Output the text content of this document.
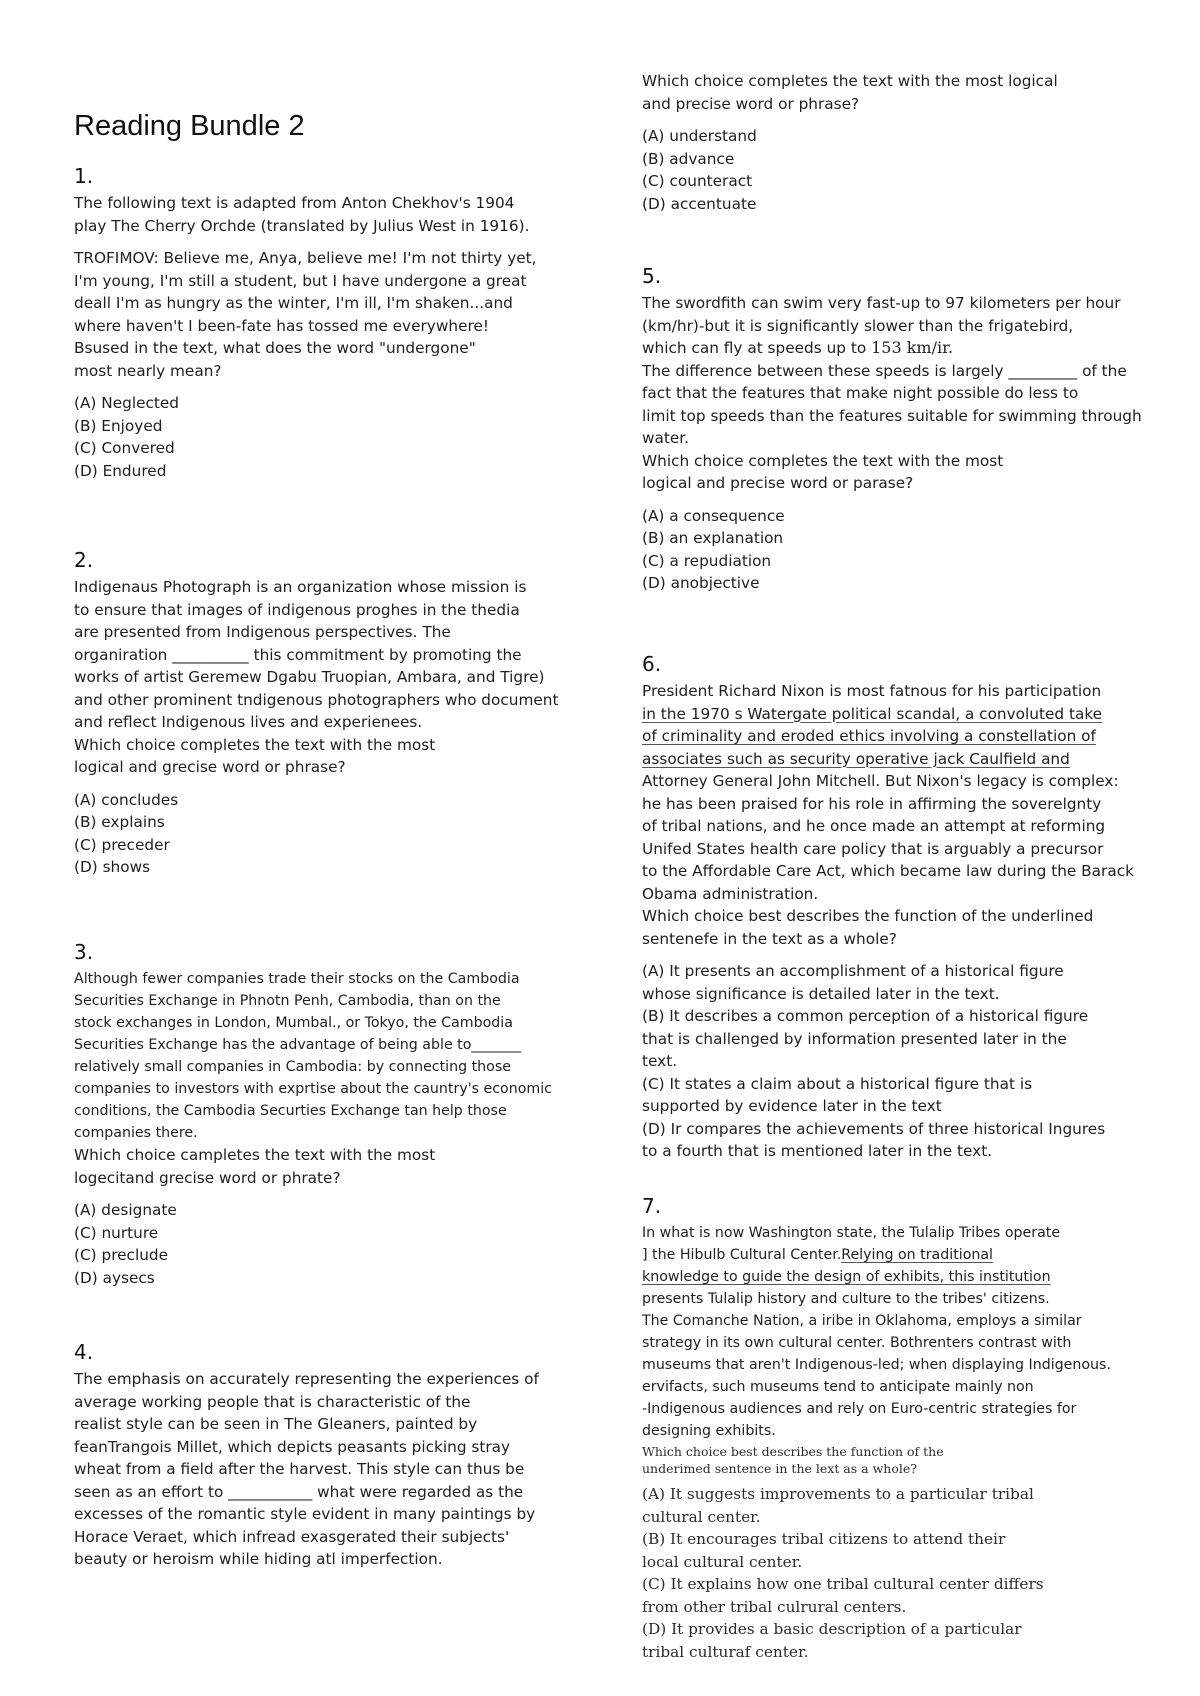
Reading Bundle 2
1.

The following text is adapted from Anton Chekhov's 1904
play The Cherry Orchde (translated by Julius West in 1916).

TROFIMOV: Believe me, Anya, believe me! I'm not thirty yet,
I'm young, I'm still a student, but I have undergone a great
deall I'm as hungry as the winter, I'm ill, I'm shaken...and
where haven't I been-fate has tossed me everywhere!

Bsused in the text, what does the word "undergone"
most nearly mean?

(A) Neglected
(B) Enjoyed
(C) Convered
(D) Endured
2.

Indigenaus Photograph is an organization whose mission is
to ensure that images of indigenous proghes in the thedia
are presented from Indigenous perspectives. The
organiration __________ this commitment by promoting the
works of artist Geremew Dgabu Truopian, Ambara, and Tigre)
and other prominent tndigenous photographers who document
and reflect Indigenous lives and experienees.

Which choice completes the text with the most
logical and grecise word or phrase?

(A) concludes
(B) explains
(C) preceder
(D) shows
3.

Although fewer companies trade their stocks on the Cambodia
Securities Exchange in Phnotn Penh, Cambodia, than on the
stock exchanges in London, Mumbal., or Tokyo, the Cambodia
Securities Exchange has the advantage of being able to_______
relatively small companies in Cambodia: by connecting those
companies to investors with exprtise about the cauntry's economic
conditions, the Cambodia Securties Exchange tan help those
companies there.

Which choice campletes the text with the most
logecitand grecise word or phrate?

(A) designate
(C) nurture
(C) preclude
(D) aysecs
4.

The emphasis on accurately representing the experiences of
average working people that is characteristic of the
realist style can be seen in The Gleaners, painted by
feanTrangois Millet, which depicts peasants picking stray
wheat from a field after the harvest. This style can thus be
seen as an effort to ___________ what were regarded as the
excesses of the romantic style evident in many paintings by
Horace Veraet, which infread exasgerated their subjects'
beauty or heroism while hiding atl imperfection.

Which choice completes the text with the most logical
and precise word or phrase?

(A) understand
(B) advance
(C) counteract
(D) accentuate
5.

The swordfith can swim very fast-up to 97 kilometers per hour
(km/hr)-but it is significantly slower than the frigatebird,
which can fly at speeds up to 153 km/ir.
The difference between these speeds is largely _________ of the
fact that the features that make night possible do less to
limit top speeds than the features suitable for swimming through
water.

Which choice completes the text with the most
logical and precise word or parase?

(A) a consequence
(B) an explanation
(C) a repudiation
(D) anobjective
6.

President Richard Nixon is most fatnous for his participation
in the 1970 s Watergate political scandal, a convoluted take
of criminality and eroded ethics involving a constellation of
associates such as security operative jack Caulfield and
Attorney General John Mitchell. But Nixon's legacy is complex:
he has been praised for his role in affirming the soverelgnty
of tribal nations, and he once made an attempt at reforming
Unifed States health care policy that is arguably a precursor
to the Affordable Care Act, which became law during the Barack
Obama administration.

Which choice best describes the function of the underlined
sentenefe in the text as a whole?

(A) It presents an accomplishment of a historical figure
whose significance is detailed later in the text.
(B) It describes a common perception of a historical figure
that is challenged by information presented later in the
text.
(C) It states a claim about a historical figure that is
supported by evidence later in the text
(D) Ir compares the achievements of three historical Ingures
to a fourth that is mentioned later in the text.
7.

In what is now Washington state, the Tulalip Tribes operate
] the Hibulb Cultural Center.Relying on traditional
knowledge to guide the design of exhibits, this institution
presents Tulalip history and culture to the tribes' citizens.
The Comanche Nation, a iribe in Oklahoma, employs a similar
strategy in its own cultural center. Bothrenters contrast with
museums that aren't Indigenous-led; when displaying Indigenous.
ervifacts, such museums tend to anticipate mainly non
-Indigenous audiences and rely on Euro-centric strategies for
designing exhibits.

Which choice best describes the function of the
underimed sentence in the lext as a whole?

(A) It suggests improvements to a particular tribal
cultural center.
(B) It encourages tribal citizens to attend their
local cultural center.
(C) It explains how one tribal cultural center differs
from other tribal culrural centers.
(D) It provides a basic description of a particular
tribal culturaf center.
